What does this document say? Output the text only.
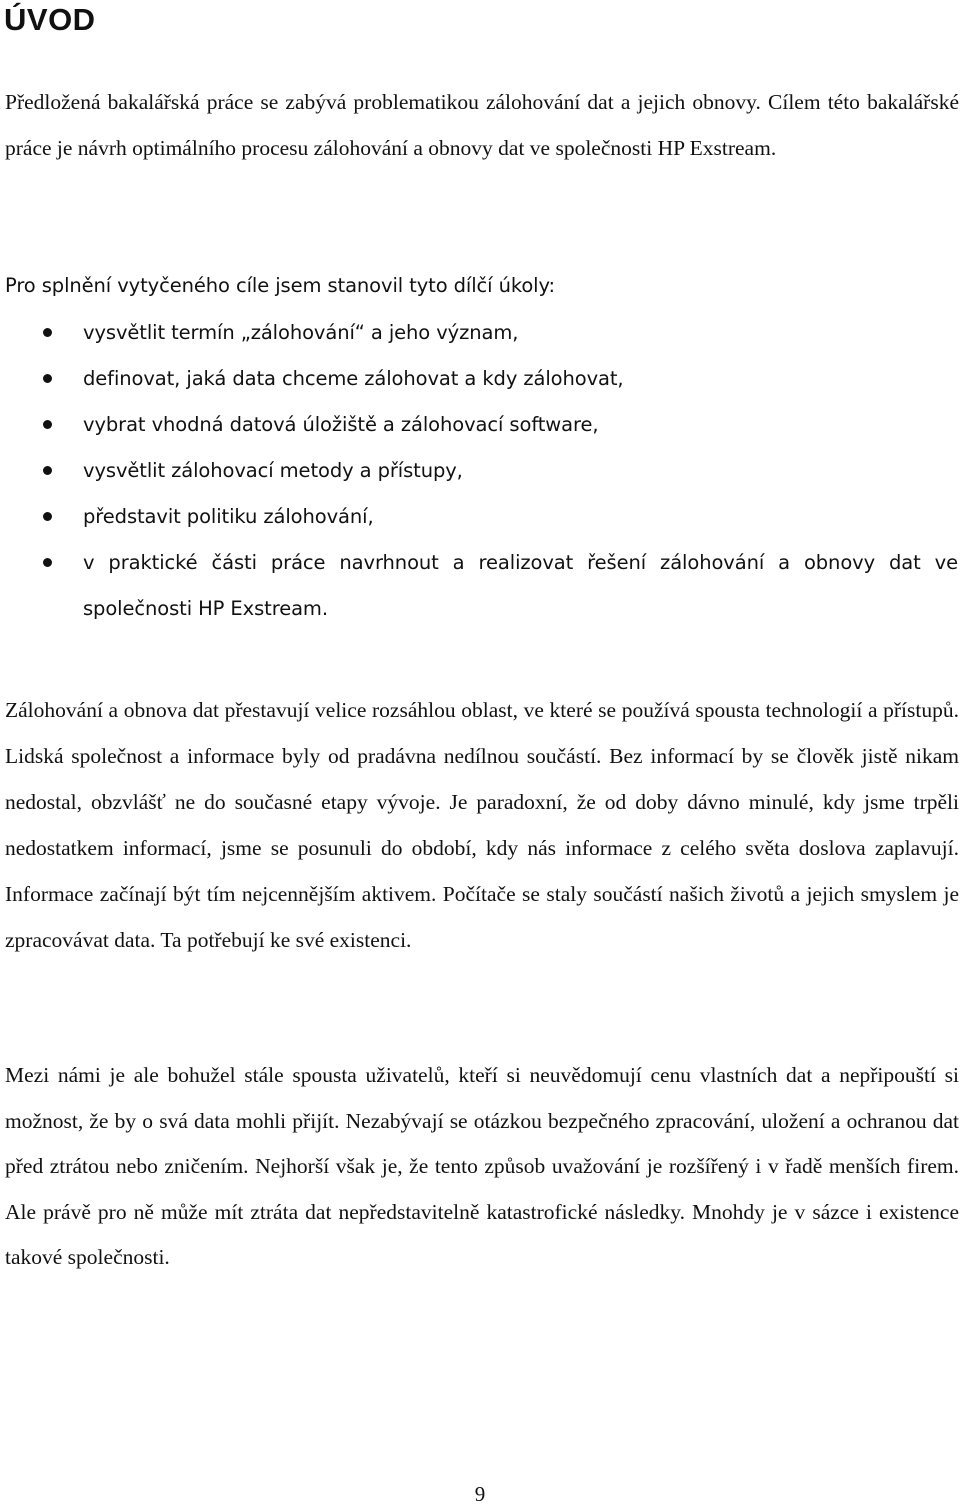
ÚVOD

Předložená bakalářská práce se zabývá problematikou zálohování dat a jejich obnovy. Cílem této bakalářské práce je návrh optimálního procesu zálohování a obnovy dat ve společnosti HP Exstream.

Pro splnění vytyčeného cíle jsem stanovil tyto dílčí úkoly:

vysvětlit termín „zálohování“ a jeho význam,
definovat, jaká data chceme zálohovat a kdy zálohovat,
vybrat vhodná datová úložiště a zálohovací software,
vysvětlit zálohovací metody a přístupy,
představit politiku zálohování,
v praktické části práce navrhnout a realizovat řešení zálohování a obnovy dat ve společnosti HP Exstream.

Zálohování a obnova dat přestavují velice rozsáhlou oblast, ve které se používá spousta technologií a přístupů. Lidská společnost a informace byly od pradávna nedílnou součástí. Bez informací by se člověk jistě nikam nedostal, obzvlášť ne do současné etapy vývoje. Je paradoxní, že od doby dávno minulé, kdy jsme trpěli nedostatkem informací, jsme se posunuli do období, kdy nás informace z celého světa doslova zaplavují. Informace začínají být tím nejcennějším aktivem. Počítače se staly součástí našich životů a jejich smyslem je zpracovávat data. Ta potřebují ke své existenci.

Mezi námi je ale bohužel stále spousta uživatelů, kteří si neuvědomují cenu vlastních dat a nepřipouští si možnost, že by o svá data mohli přijít. Nezabývají se otázkou bezpečného zpracování, uložení a ochranou dat před ztrátou nebo zničením. Nejhorší však je, že tento způsob uvažování je rozšířený i v řadě menších firem. Ale právě pro ně může mít ztráta dat nepředstavitelně katastrofické následky. Mnohdy je v sázce i existence takové společnosti.

9
